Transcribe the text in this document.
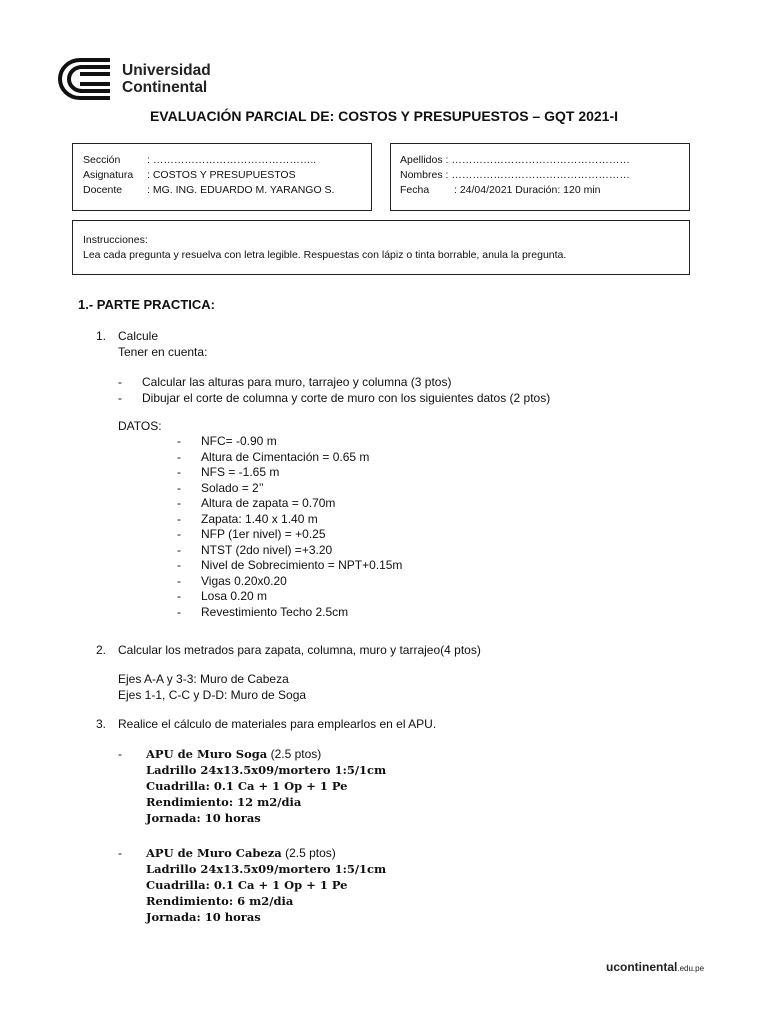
Universidad
Continental
EVALUACIÓN PARCIAL DE: COSTOS Y PRESUPUESTOS – GQT 2021-I
Sección	: ………………………………………..
Asignatura : COSTOS Y PRESUPUESTOS
Docente : MG. ING. EDUARDO M. YARANGO S.
Apellidos : ……………………………………………
Nombres : ……………………………………………
Fecha : 24/04/2021 Duración: 120 min
Instrucciones:
Lea cada pregunta y resuelva con letra legible. Respuestas con lápiz o tinta borrable, anula la pregunta.
1.- PARTE PRACTICA:
1. Calcule
Tener en cuenta:
- Calcular las alturas para muro, tarrajeo y columna (3 ptos)
- Dibujar el corte de columna y corte de muro con los siguientes datos (2 ptos)
DATOS:
- NFC= -0.90 m
- Altura de Cimentación = 0.65 m
- NFS = -1.65 m
- Solado = 2’’
- Altura de zapata = 0.70m
- Zapata: 1.40 x 1.40 m
- NFP (1er nivel) = +0.25
- NTST (2do nivel) =+3.20
- Nivel de Sobrecimiento = NPT+0.15m
- Vigas 0.20x0.20
- Losa 0.20 m
- Revestimiento Techo 2.5cm
2. Calcular los metrados para zapata, columna, muro y tarrajeo(4 ptos)
Ejes A-A y 3-3: Muro de Cabeza
Ejes 1-1, C-C y D-D: Muro de Soga
3. Realice el cálculo de materiales para emplearlos en el APU.
- APU de Muro Soga (2.5 ptos)
Ladrillo 24x13.5x09/mortero 1:5/1cm
Cuadrilla: 0.1 Ca + 1 Op + 1 Pe
Rendimiento: 12 m2/dia
Jornada: 10 horas
- APU de Muro Cabeza (2.5 ptos)
Ladrillo 24x13.5x09/mortero 1:5/1cm
Cuadrilla: 0.1 Ca + 1 Op + 1 Pe
Rendimiento: 6 m2/dia
Jornada: 10 horas
ucontinental.edu.pe
